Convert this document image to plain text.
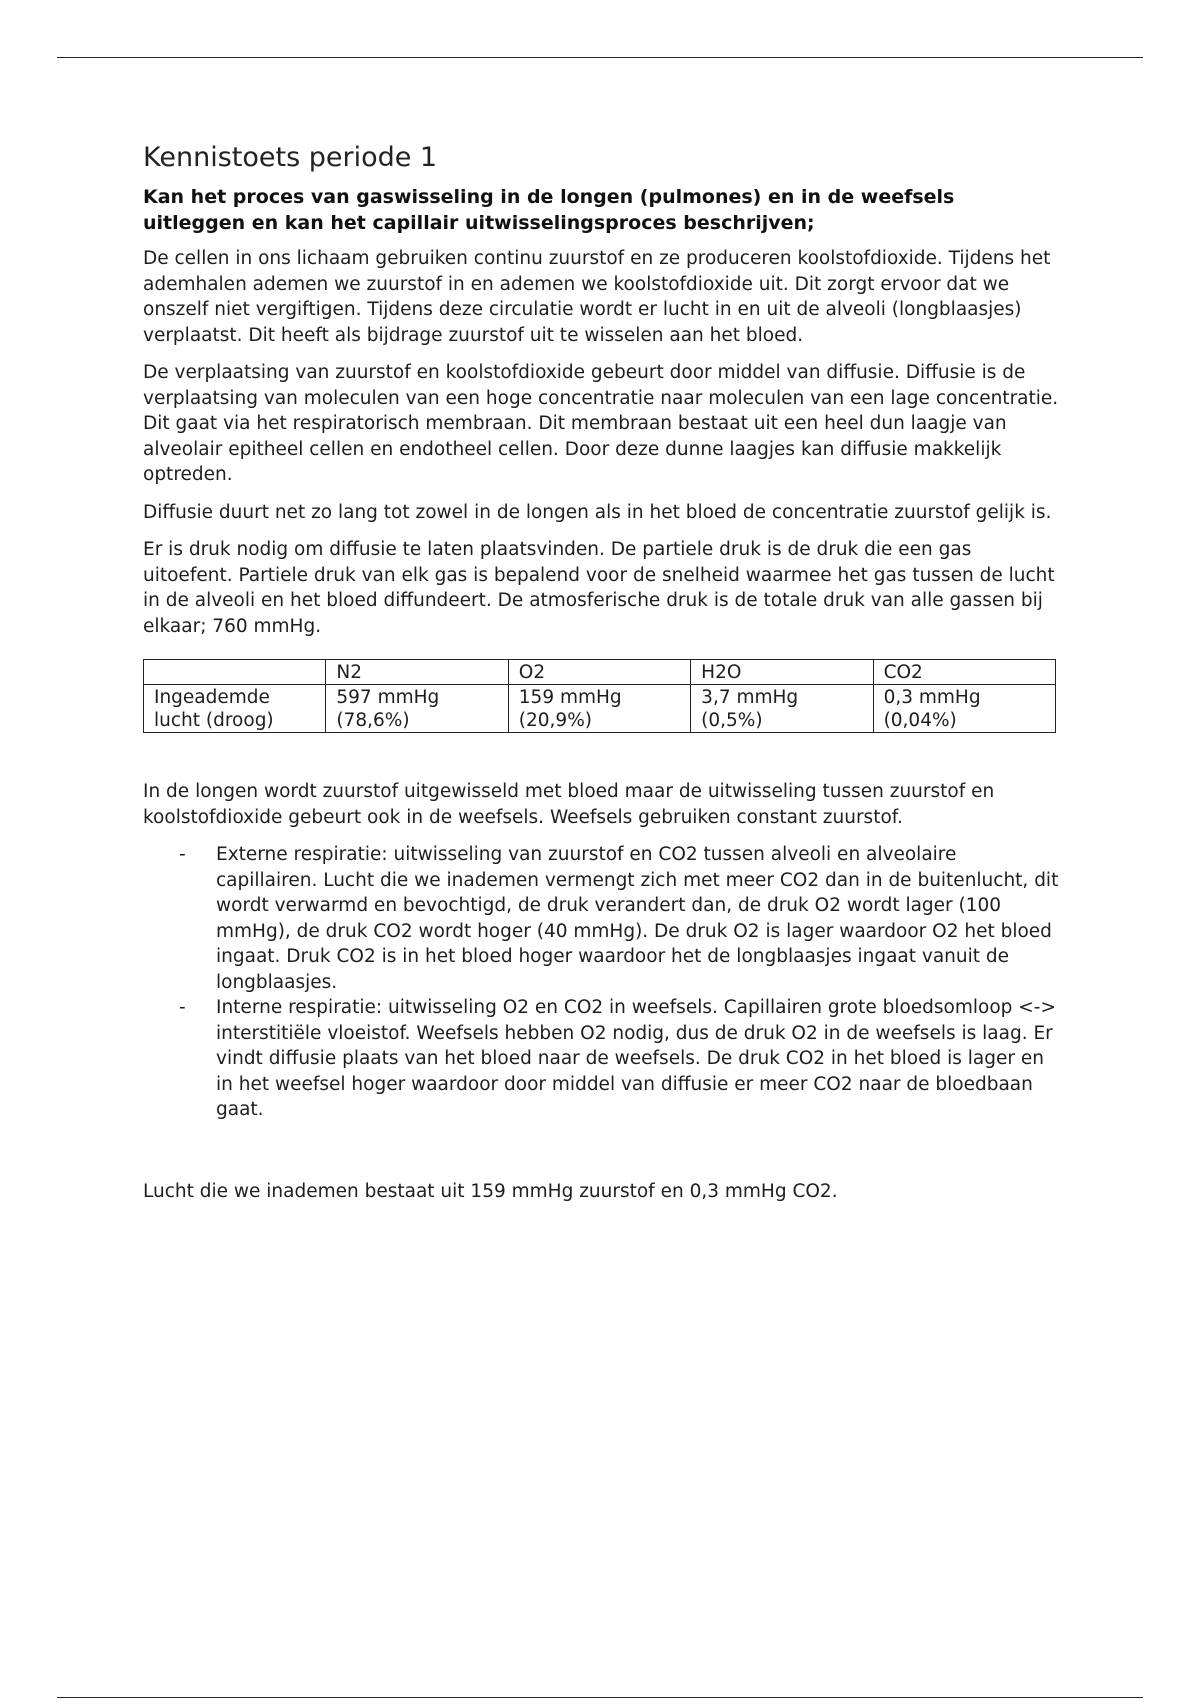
Kennistoets periode 1
Kan het proces van gaswisseling in de longen (pulmones) en in de weefsels uitleggen en kan het capillair uitwisselingsproces beschrijven;

De cellen in ons lichaam gebruiken continu zuurstof en ze produceren koolstofdioxide. Tijdens het ademhalen ademen we zuurstof in en ademen we koolstofdioxide uit. Dit zorgt ervoor dat we onszelf niet vergiftigen. Tijdens deze circulatie wordt er lucht in en uit de alveoli (longblaasjes) verplaatst. Dit heeft als bijdrage zuurstof uit te wisselen aan het bloed.

De verplaatsing van zuurstof en koolstofdioxide gebeurt door middel van diffusie. Diffusie is de verplaatsing van moleculen van een hoge concentratie naar moleculen van een lage concentratie. Dit gaat via het respiratorisch membraan. Dit membraan bestaat uit een heel dun laagje van alveolair epitheel cellen en endotheel cellen. Door deze dunne laagjes kan diffusie makkelijk optreden.

Diffusie duurt net zo lang tot zowel in de longen als in het bloed de concentratie zuurstof gelijk is.

Er is druk nodig om diffusie te laten plaatsvinden. De partiele druk is de druk die een gas uitoefent. Partiele druk van elk gas is bepalend voor de snelheid waarmee het gas tussen de lucht in de alveoli en het bloed diffundeert. De atmosferische druk is de totale druk van alle gassen bij elkaar; 760 mmHg.

	N2	O2	H2O	CO2
Ingeademde lucht (droog)	597 mmHg (78,6%)	159 mmHg (20,9%)	3,7 mmHg (0,5%)	0,3 mmHg (0,04%)

In de longen wordt zuurstof uitgewisseld met bloed maar de uitwisseling tussen zuurstof en koolstofdioxide gebeurt ook in de weefsels. Weefsels gebruiken constant zuurstof.

- Externe respiratie: uitwisseling van zuurstof en CO2 tussen alveoli en alveolaire capillairen. Lucht die we inademen vermengt zich met meer CO2 dan in de buitenlucht, dit wordt verwarmd en bevochtigd, de druk verandert dan, de druk O2 wordt lager (100 mmHg), de druk CO2 wordt hoger (40 mmHg). De druk O2 is lager waardoor O2 het bloed ingaat. Druk CO2 is in het bloed hoger waardoor het de longblaasjes ingaat vanuit de longblaasjes.
- Interne respiratie: uitwisseling O2 en CO2 in weefsels. Capillairen grote bloedsomloop <-> interstitiële vloeistof. Weefsels hebben O2 nodig, dus de druk O2 in de weefsels is laag. Er vindt diffusie plaats van het bloed naar de weefsels. De druk CO2 in het bloed is lager en in het weefsel hoger waardoor door middel van diffusie er meer CO2 naar de bloedbaan gaat.

Lucht die we inademen bestaat uit 159 mmHg zuurstof en 0,3 mmHg CO2.
